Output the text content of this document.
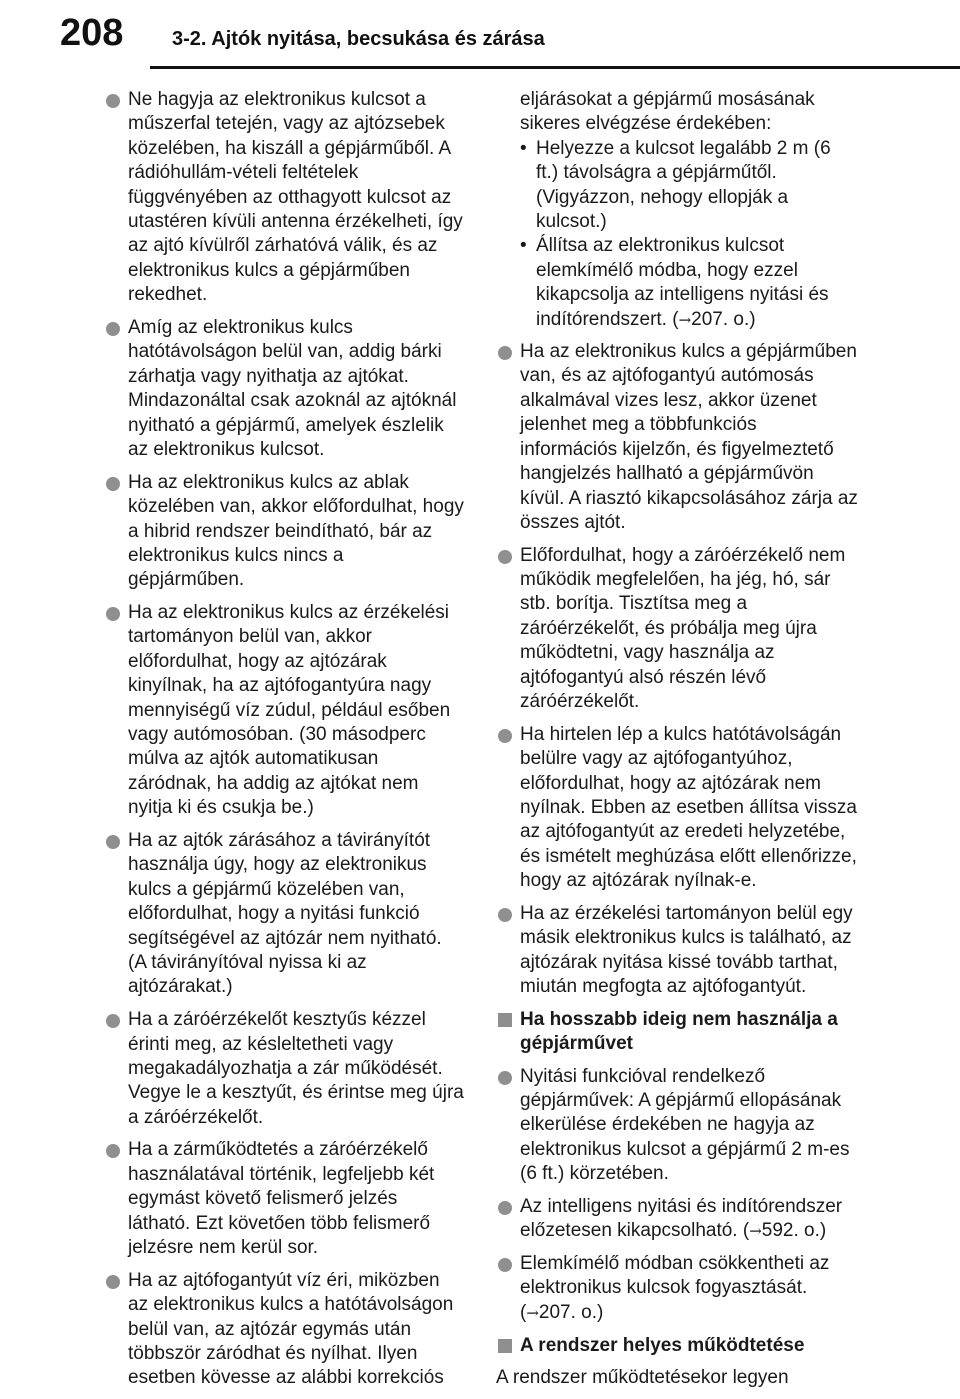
208 3-2. Ajtók nyitása, becsukása és zárása
Ne hagyja az elektronikus kulcsot a műszerfal tetején, vagy az ajtózsebek közelében, ha kiszáll a gépjárműből. A rádióhullám-vételi feltételek függvényében az otthagyott kulcsot az utastéren kívüli antenna érzékelheti, így az ajtó kívülről zárhatóvá válik, és az elektronikus kulcs a gépjárműben rekedhet.
Amíg az elektronikus kulcs hatótávolságon belül van, addig bárki zárhatja vagy nyithatja az ajtókat. Mindazonáltal csak azoknál az ajtóknál nyitható a gépjármű, amelyek észlelik az elektronikus kulcsot.
Ha az elektronikus kulcs az ablak közelében van, akkor előfordulhat, hogy a hibrid rendszer beindítható, bár az elektronikus kulcs nincs a gépjárműben.
Ha az elektronikus kulcs az érzékelési tartományon belül van, akkor előfordulhat, hogy az ajtózárak kinyílnak, ha az ajtófogantyúra nagy mennyiségű víz zúdul, például esőben vagy autómosóban. (30 másodperc múlva az ajtók automatikusan záródnak, ha addig az ajtókat nem nyitja ki és csukja be.)
Ha az ajtók zárásához a távirányítót használja úgy, hogy az elektronikus kulcs a gépjármű közelében van, előfordulhat, hogy a nyitási funkció segítségével az ajtózár nem nyitható. (A távirányítóval nyissa ki az ajtózárakat.)
Ha a záróérzékelőt kesztyűs kézzel érinti meg, az késleltetheti vagy megakadályozhatja a zár működését. Vegye le a kesztyűt, és érintse meg újra a záróérzékelőt.
Ha a zárműködtetés a záróérzékelő használatával történik, legfeljebb két egymást követő felismerő jelzés látható. Ezt követően több felismerő jelzésre nem kerül sor.
Ha az ajtófogantyút víz éri, miközben az elektronikus kulcs a hatótávolságon belül van, az ajtózár egymás után többször záródhat és nyílhat. Ilyen esetben kövesse az alábbi korrekciós
eljárásokat a gépjármű mosásának sikeres elvégzése érdekében:
• Helyezze a kulcsot legalább 2 m (6 ft.) távolságra a gépjárműtől. (Vigyázzon, nehogy ellopják a kulcsot.)
• Állítsa az elektronikus kulcsot elemkímélő módba, hogy ezzel kikapcsolja az intelligens nyitási és indítórendszert. (→207. o.)
Ha az elektronikus kulcs a gépjárműben van, és az ajtófogantyú autómosás alkalmával vizes lesz, akkor üzenet jelenhet meg a többfunkciós információs kijelzőn, és figyelmeztető hangjelzés hallható a gépjárművön kívül. A riasztó kikapcsolásához zárja az összes ajtót.
Előfordulhat, hogy a záróérzékelő nem működik megfelelően, ha jég, hó, sár stb. borítja. Tisztítsa meg a záróérzékelőt, és próbálja meg újra működtetni, vagy használja az ajtófogantyú alsó részén lévő záróérzékelőt.
Ha hirtelen lép a kulcs hatótávolságán belülre vagy az ajtófogantyúhoz, előfordulhat, hogy az ajtózárak nem nyílnak. Ebben az esetben állítsa vissza az ajtófogantyút az eredeti helyzetébe, és ismételt meghúzása előtt ellenőrizze, hogy az ajtózárak nyílnak-e.
Ha az érzékelési tartományon belül egy másik elektronikus kulcs is található, az ajtózárak nyitása kissé tovább tarthat, miután megfogta az ajtófogantyút.
Ha hosszabb ideig nem használja a gépjárművet
Nyitási funkcióval rendelkező gépjárművek: A gépjármű ellopásának elkerülése érdekében ne hagyja az elektronikus kulcsot a gépjármű 2 m-es (6 ft.) körzetében.
Az intelligens nyitási és indítórendszer előzetesen kikapcsolható. (→592. o.)
Elemkímélő módban csökkentheti az elektronikus kulcsok fogyasztását. (→207. o.)
A rendszer helyes működtetése
A rendszer működtetésekor legyen
